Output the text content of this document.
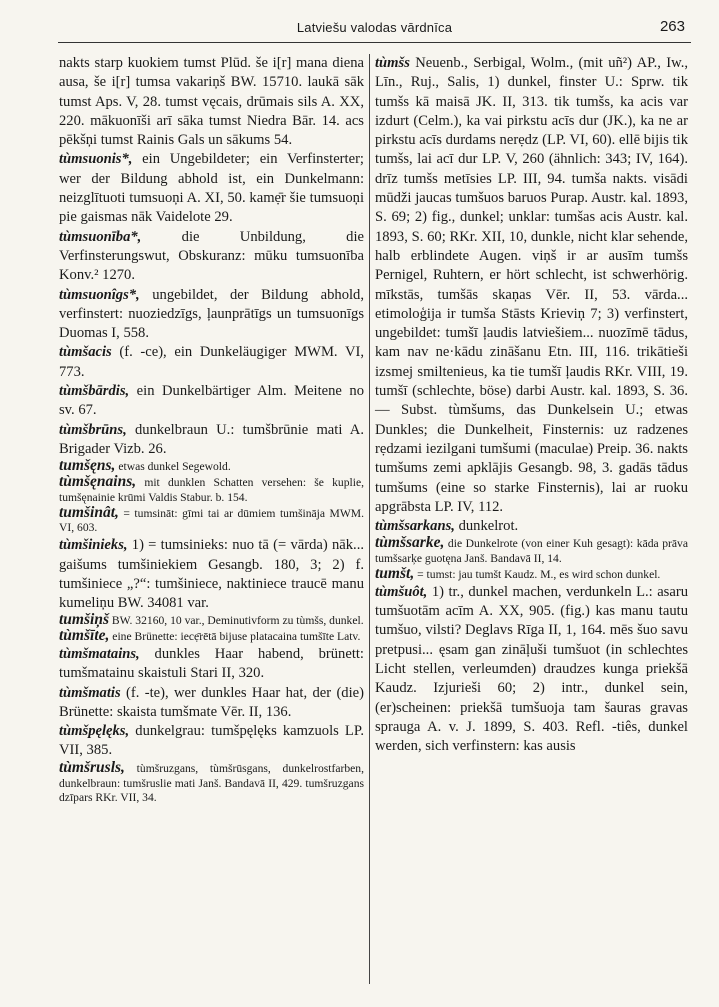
Latviešu valodas vārdnīca	263

nakts starp kuokiem tumst Plūd. še i[r] mana diena ausa, še i[r] tumsa vakariņš BW. 15710. laukā sāk tumst Aps. V, 28. tumst vęcais, drūmais sils A. XX, 220. mākuonīši arī sāka tumst Niedra Bār. 14. acs pēkšņi tumst Rainis Gals un sākums 54.

tùmsuonis*, ein Ungebildeter; ein Verfinsterter; wer der Bildung abhold ist, ein Dunkelmann: neizglītuoti tumsuoņi A. XI, 50. kamẹ̄r šie tumsuoņi pie gaismas nāk Vaidelote 29.

tùmsuonība*,	die Unbildung, die Verfinsterungswut, Obskuranz: mūku tumsuonība Konv.² 1270.

tùmsuonîgs*, ungebildet, der Bildung abhold, verfinstert: nuoziedzīgs, ļaunprātīgs un tumsuonīgs Duomas I, 558.

tùmšacis (f. -ce), ein Dunkeläugiger MWM. VI, 773.

tùmšbārdis, ein Dunkelbärtiger Alm. Meitene no sv. 67.

tùmšbrūns, dunkelbraun U.: tumšbrūnie mati A. Brigader Vizb. 26.

tumšęns, etwas dunkel Segewold.

tùmšęnains, mit dunklen Schatten versehen: še kuplie, tumšęnainie krūmi Valdis Stabur. b. 154.

tumšinât, = tumsināt: gīmi tai ar dūmiem tumšināja MWM. VI, 603.

tùmšinieks, 1) = tumsinieks: nuo tā (= vārda) nāk... gaišums tumšiniekiem Gesangb. 180, 3; 2) f. tumšiniece „?“: tumšiniece, naktiniece traucē manu kumeliņu BW. 34081 var.

tumšiņš BW. 32160, 10 var., Deminutivform zu tùmšs, dunkel.

tùmšīte, eine Brünette: iecẹ̄rētā bijuse platacaina tumšīte Latv.

tùmšmatains, dunkles Haar habend, brünett: tumšmatainu skaistuli Stari II, 320.

tùmšmatis (f. -te), wer dunkles Haar hat, der (die) Brünette: skaista tumšmate Vēr. II, 136.

tùmšpęlęks, dunkelgrau: tumšpęlęks kamzuols LP. VII, 385.

tùmšrusls, tùmšruzgans, tùmšrūsgans, dunkelrostfarben, dunkelbraun: tumšruslie mati Janš. Bandavā II, 429. tumšruzgans dzīpars RKr. VII, 34.

tùmšs Neuenb., Serbigal, Wolm., (mit uñ²) AP., Iw., Līn., Ruj., Salis, 1) dunkel, finster U.: Sprw. tik tumšs kā maisā JK. II, 313. tik tumšs, ka acis var izdurt (Celm.), ka vai pirkstu acīs dur (JK.), ka ne ar pirkstu acīs durdams nerẹdz (LP. VI, 60). ellē bijis tik tumšs, lai acī dur LP. V, 260 (ähnlich: 343; IV, 164). drīz tumšs metīsies LP. III, 94. tumša nakts. visādi mūdži jaucas tumšuos baruos Purap. Austr. kal. 1893, S. 69; 2) fig., dunkel; unklar: tumšas acis Austr. kal. 1893, S. 60; RKr. XII, 10, dunkle, nicht klar sehende, halb erblindete Augen. viņš ir ar ausīm tumšs Pernigel, Ruhtern, er hört schlecht, ist schwerhörig. mīkstās, tumšās skaņas Vēr. II, 53. vārda... etimoloģija ir tumša Stāsts Krieviņ 7; 3) verfinstert, ungebildet: tumšī ļaudis latviešiem... nuozīmē tādus, kam nav ne·kādu zināšanu Etn. III, 116. trikātieši izsmej smiltenieus, ka tie tumšī ļaudis RKr. VIII, 19. tumšī (schlechte, böse) darbi Austr. kal. 1893, S. 36. — Subst. tùmšums, das Dunkelsein U.; etwas Dunkles; die Dunkelheit, Finsternis: uz radzenes rẹdzami iezilgani tumšumi (maculae) Preip. 36. nakts tumšums zemi apklājis Gesangb. 98, 3. gadās tādus tumšums (eine so starke Finsternis), lai ar ruoku apgrābsta LP. IV, 112.

tùmšsarkans, dunkelrot.

tùmšsarke, die Dunkelrote (von einer Kuh gesagt): kāda prāva tumšsarķe guotęna Janš. Bandavā II, 14.

tumšt, = tumst: jau tumšt Kaudz. M., es wird schon dunkel.

tùmšuôt, 1) tr., dunkel machen, verdunkeln L.: asaru tumšuotām acīm A. XX, 905. (fig.) kas manu tautu tumšuo, vilsti? Deglavs Rīga II, 1, 164. mēs šuo savu pretpusi... ęsam gan zināļuši tumšuot (in schlechtes Licht stellen, verleumden) draudzes kunga priekšā Kaudz. Izjurieši 60; 2) intr., dunkel sein, (er)scheinen: priekšā tumšuoja tam šauras gravas sprauga A. v. J. 1899, S. 403. Refl. -tiês, dunkel werden, sich verfinstern: kas ausis
